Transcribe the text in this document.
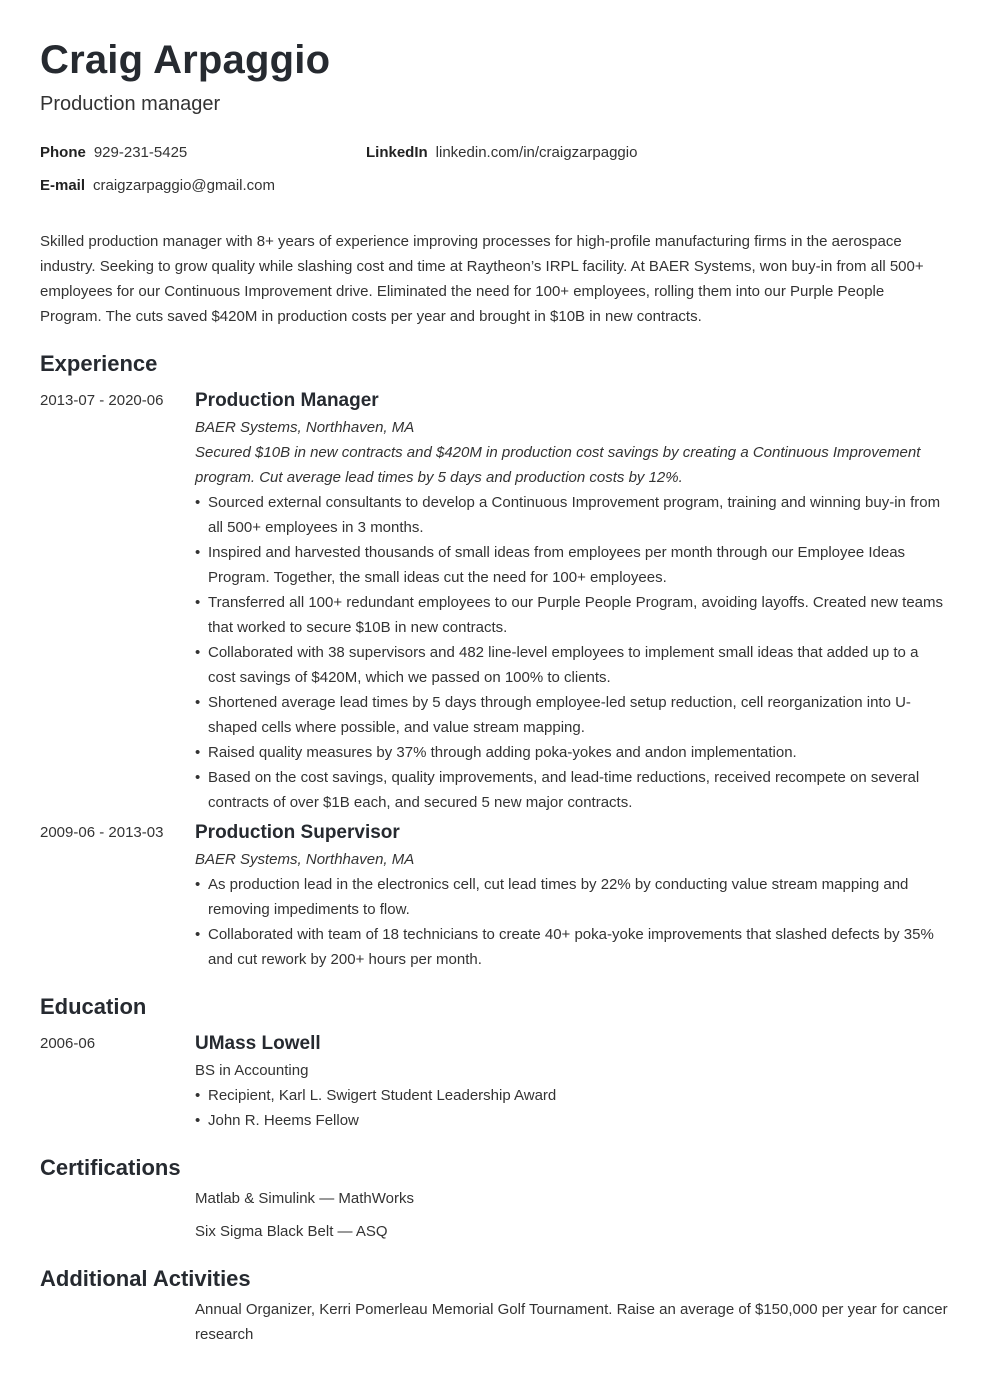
Craig Arpaggio
Production manager
Phone 929-231-5425	LinkedIn linkedin.com/in/craigzarpaggio
E-mail craigzarpaggio@gmail.com

Skilled production manager with 8+ years of experience improving processes for high-profile manufacturing firms in the aerospace industry. Seeking to grow quality while slashing cost and time at Raytheon’s IRPL facility. At BAER Systems, won buy-in from all 500+ employees for our Continuous Improvement drive. Eliminated the need for 100+ employees, rolling them into our Purple People Program. The cuts saved $420M in production costs per year and brought in $10B in new contracts.

Experience
2013-07 - 2020-06	Production Manager
BAER Systems, Northhaven, MA
Secured $10B in new contracts and $420M in production cost savings by creating a Continuous Improvement program. Cut average lead times by 5 days and production costs by 12%.
• Sourced external consultants to develop a Continuous Improvement program, training and winning buy-in from all 500+ employees in 3 months.
• Inspired and harvested thousands of small ideas from employees per month through our Employee Ideas Program. Together, the small ideas cut the need for 100+ employees.
• Transferred all 100+ redundant employees to our Purple People Program, avoiding layoffs. Created new teams that worked to secure $10B in new contracts.
• Collaborated with 38 supervisors and 482 line-level employees to implement small ideas that added up to a cost savings of $420M, which we passed on 100% to clients.
• Shortened average lead times by 5 days through employee-led setup reduction, cell reorganization into U-shaped cells where possible, and value stream mapping.
• Raised quality measures by 37% through adding poka-yokes and andon implementation.
• Based on the cost savings, quality improvements, and lead-time reductions, received recompete on several contracts of over $1B each, and secured 5 new major contracts.
2009-06 - 2013-03	Production Supervisor
BAER Systems, Northhaven, MA
• As production lead in the electronics cell, cut lead times by 22% by conducting value stream mapping and removing impediments to flow.
• Collaborated with team of 18 technicians to create 40+ poka-yoke improvements that slashed defects by 35% and cut rework by 200+ hours per month.
Education
2006-06	UMass Lowell
BS in Accounting
• Recipient, Karl L. Swigert Student Leadership Award
• John R. Heems Fellow
Certifications
Matlab & Simulink — MathWorks
Six Sigma Black Belt — ASQ
Additional Activities
Annual Organizer, Kerri Pomerleau Memorial Golf Tournament. Raise an average of $150,000 per year for cancer research
